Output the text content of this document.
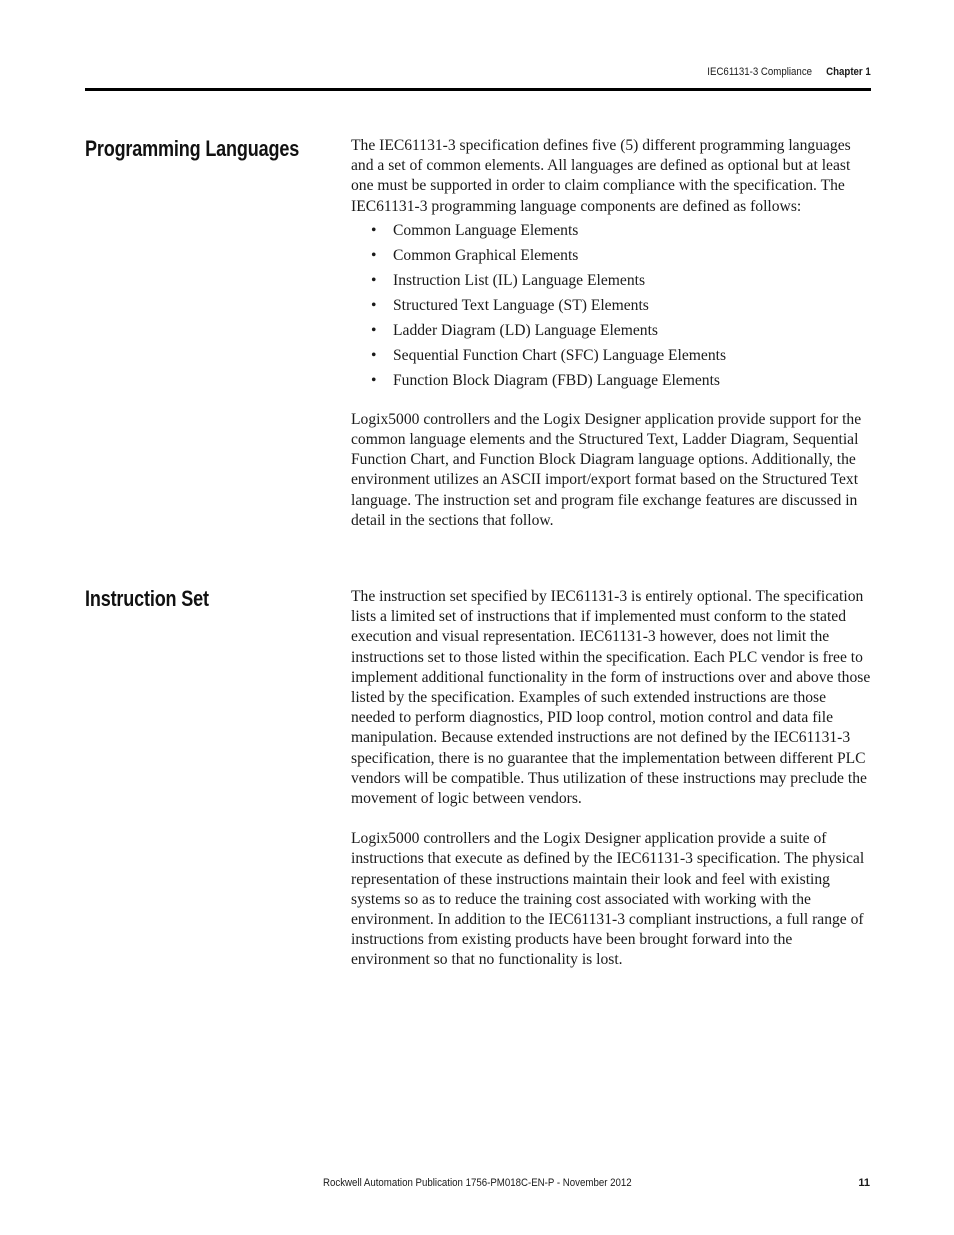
IEC61131-3 Compliance Chapter 1
Programming Languages	The IEC61131-3 specification defines five (5) different programming languages and a set of common elements. All languages are defined as optional but at least one must be supported in order to claim compliance with the specification. The IEC61131-3 programming language components are defined as follows:

• Common Language Elements
• Common Graphical Elements
• Instruction List (IL) Language Elements
• Structured Text Language (ST) Elements
• Ladder Diagram (LD) Language Elements
• Sequential Function Chart (SFC) Language Elements
• Function Block Diagram (FBD) Language Elements

Logix5000 controllers and the Logix Designer application provide support for the common language elements and the Structured Text, Ladder Diagram, Sequential Function Chart, and Function Block Diagram language options. Additionally, the environment utilizes an ASCII import/export format based on the Structured Text language. The instruction set and program file exchange features are discussed in detail in the sections that follow.

Instruction Set	The instruction set specified by IEC61131-3 is entirely optional. The specification lists a limited set of instructions that if implemented must conform to the stated execution and visual representation. IEC61131-3 however, does not limit the instructions set to those listed within the specification. Each PLC vendor is free to implement additional functionality in the form of instructions over and above those listed by the specification. Examples of such extended instructions are those needed to perform diagnostics, PID loop control, motion control and data file manipulation. Because extended instructions are not defined by the IEC61131-3 specification, there is no guarantee that the implementation between different PLC vendors will be compatible. Thus utilization of these instructions may preclude the movement of logic between vendors.

Logix5000 controllers and the Logix Designer application provide a suite of instructions that execute as defined by the IEC61131-3 specification. The physical representation of these instructions maintain their look and feel with existing systems so as to reduce the training cost associated with working with the environment. In addition to the IEC61131-3 compliant instructions, a full range of instructions from existing products have been brought forward into the environment so that no functionality is lost.

Rockwell Automation Publication 1756-PM018C-EN-P - November 2012	11
